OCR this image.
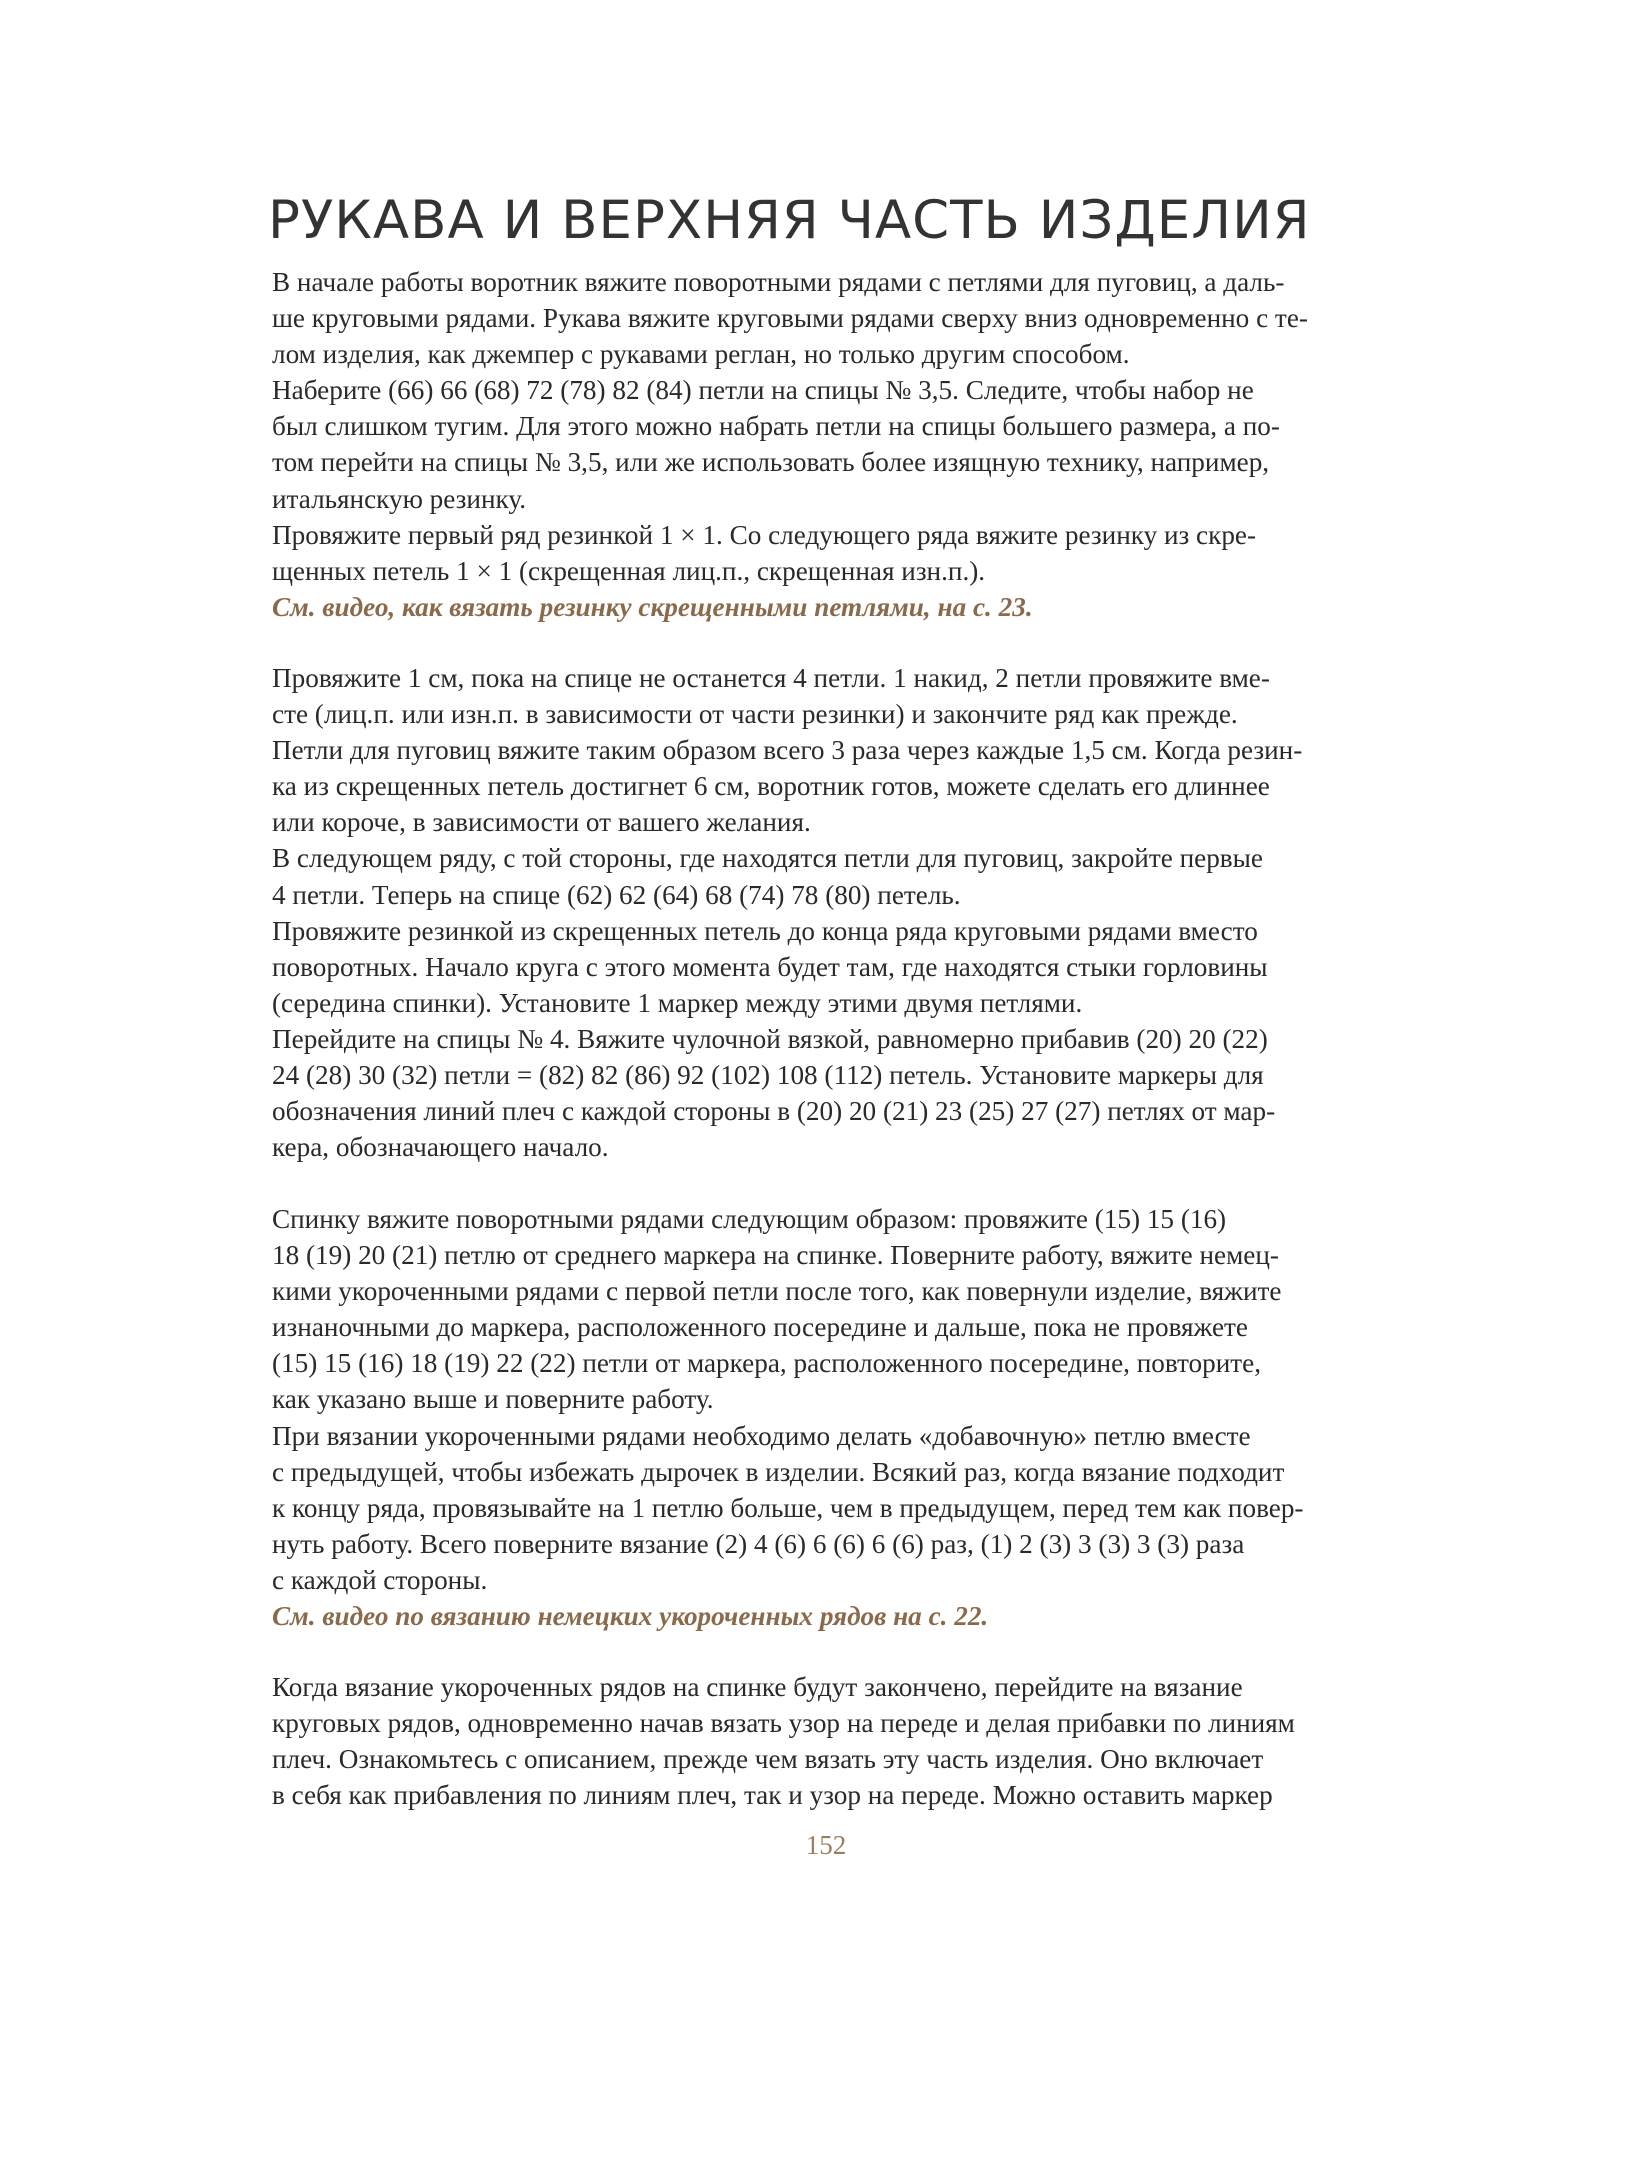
РУКАВА И ВЕРХНЯЯ ЧАСТЬ ИЗДЕЛИЯ
В начале работы воротник вяжите поворотными рядами с петлями для пуговиц, а даль-
ше круговыми рядами. Рукава вяжите круговыми рядами сверху вниз одновременно с те-
лом изделия, как джемпер с рукавами реглан, но только другим способом.
Наберите (66) 66 (68) 72 (78) 82 (84) петли на спицы № 3,5. Следите, чтобы набор не
был слишком тугим. Для этого можно набрать петли на спицы большего размера, а по-
том перейти на спицы № 3,5, или же использовать более изящную технику, например,
итальянскую резинку.
Провяжите первый ряд резинкой 1 × 1. Со следующего ряда вяжите резинку из скре-
щенных петель 1 × 1 (скрещенная лиц.п., скрещенная изн.п.).
См. видео, как вязать резинку скрещенными петлями, на с. 23.
Провяжите 1 см, пока на спице не останется 4 петли. 1 накид, 2 петли провяжите вме-
сте (лиц.п. или изн.п. в зависимости от части резинки) и закончите ряд как прежде.
Петли для пуговиц вяжите таким образом всего 3 раза через каждые 1,5 см. Когда резин-
ка из скрещенных петель достигнет 6 см, воротник готов, можете сделать его длиннее
или короче, в зависимости от вашего желания.
В следующем ряду, с той стороны, где находятся петли для пуговиц, закройте первые
4 петли. Теперь на спице (62) 62 (64) 68 (74) 78 (80) петель.
Провяжите резинкой из скрещенных петель до конца ряда круговыми рядами вместо
поворотных. Начало круга с этого момента будет там, где находятся стыки горловины
(середина спинки). Установите 1 маркер между этими двумя петлями.
Перейдите на спицы № 4. Вяжите чулочной вязкой, равномерно прибавив (20) 20 (22)
24 (28) 30 (32) петли = (82) 82 (86) 92 (102) 108 (112) петель. Установите маркеры для
обозначения линий плеч с каждой стороны в (20) 20 (21) 23 (25) 27 (27) петлях от мар-
кера, обозначающего начало.
Спинку вяжите поворотными рядами следующим образом: провяжите (15) 15 (16)
18 (19) 20 (21) петлю от среднего маркера на спинке. Поверните работу, вяжите немец-
кими укороченными рядами с первой петли после того, как повернули изделие, вяжите
изнаночными до маркера, расположенного посередине и дальше, пока не провяжете
(15) 15 (16) 18 (19) 22 (22) петли от маркера, расположенного посередине, повторите,
как указано выше и поверните работу.
При вязании укороченными рядами необходимо делать «добавочную» петлю вместе
с предыдущей, чтобы избежать дырочек в изделии. Всякий раз, когда вязание подходит
к концу ряда, провязывайте на 1 петлю больше, чем в предыдущем, перед тем как повер-
нуть работу. Всего поверните вязание (2) 4 (6) 6 (6) 6 (6) раз, (1) 2 (3) 3 (3) 3 (3) раза
с каждой стороны.
См. видео по вязанию немецких укороченных рядов на с. 22.
Когда вязание укороченных рядов на спинке будут закончено, перейдите на вязание
круговых рядов, одновременно начав вязать узор на переде и делая прибавки по линиям
плеч. Ознакомьтесь с описанием, прежде чем вязать эту часть изделия. Оно включает
в себя как прибавления по линиям плеч, так и узор на переде. Можно оставить маркер
152
